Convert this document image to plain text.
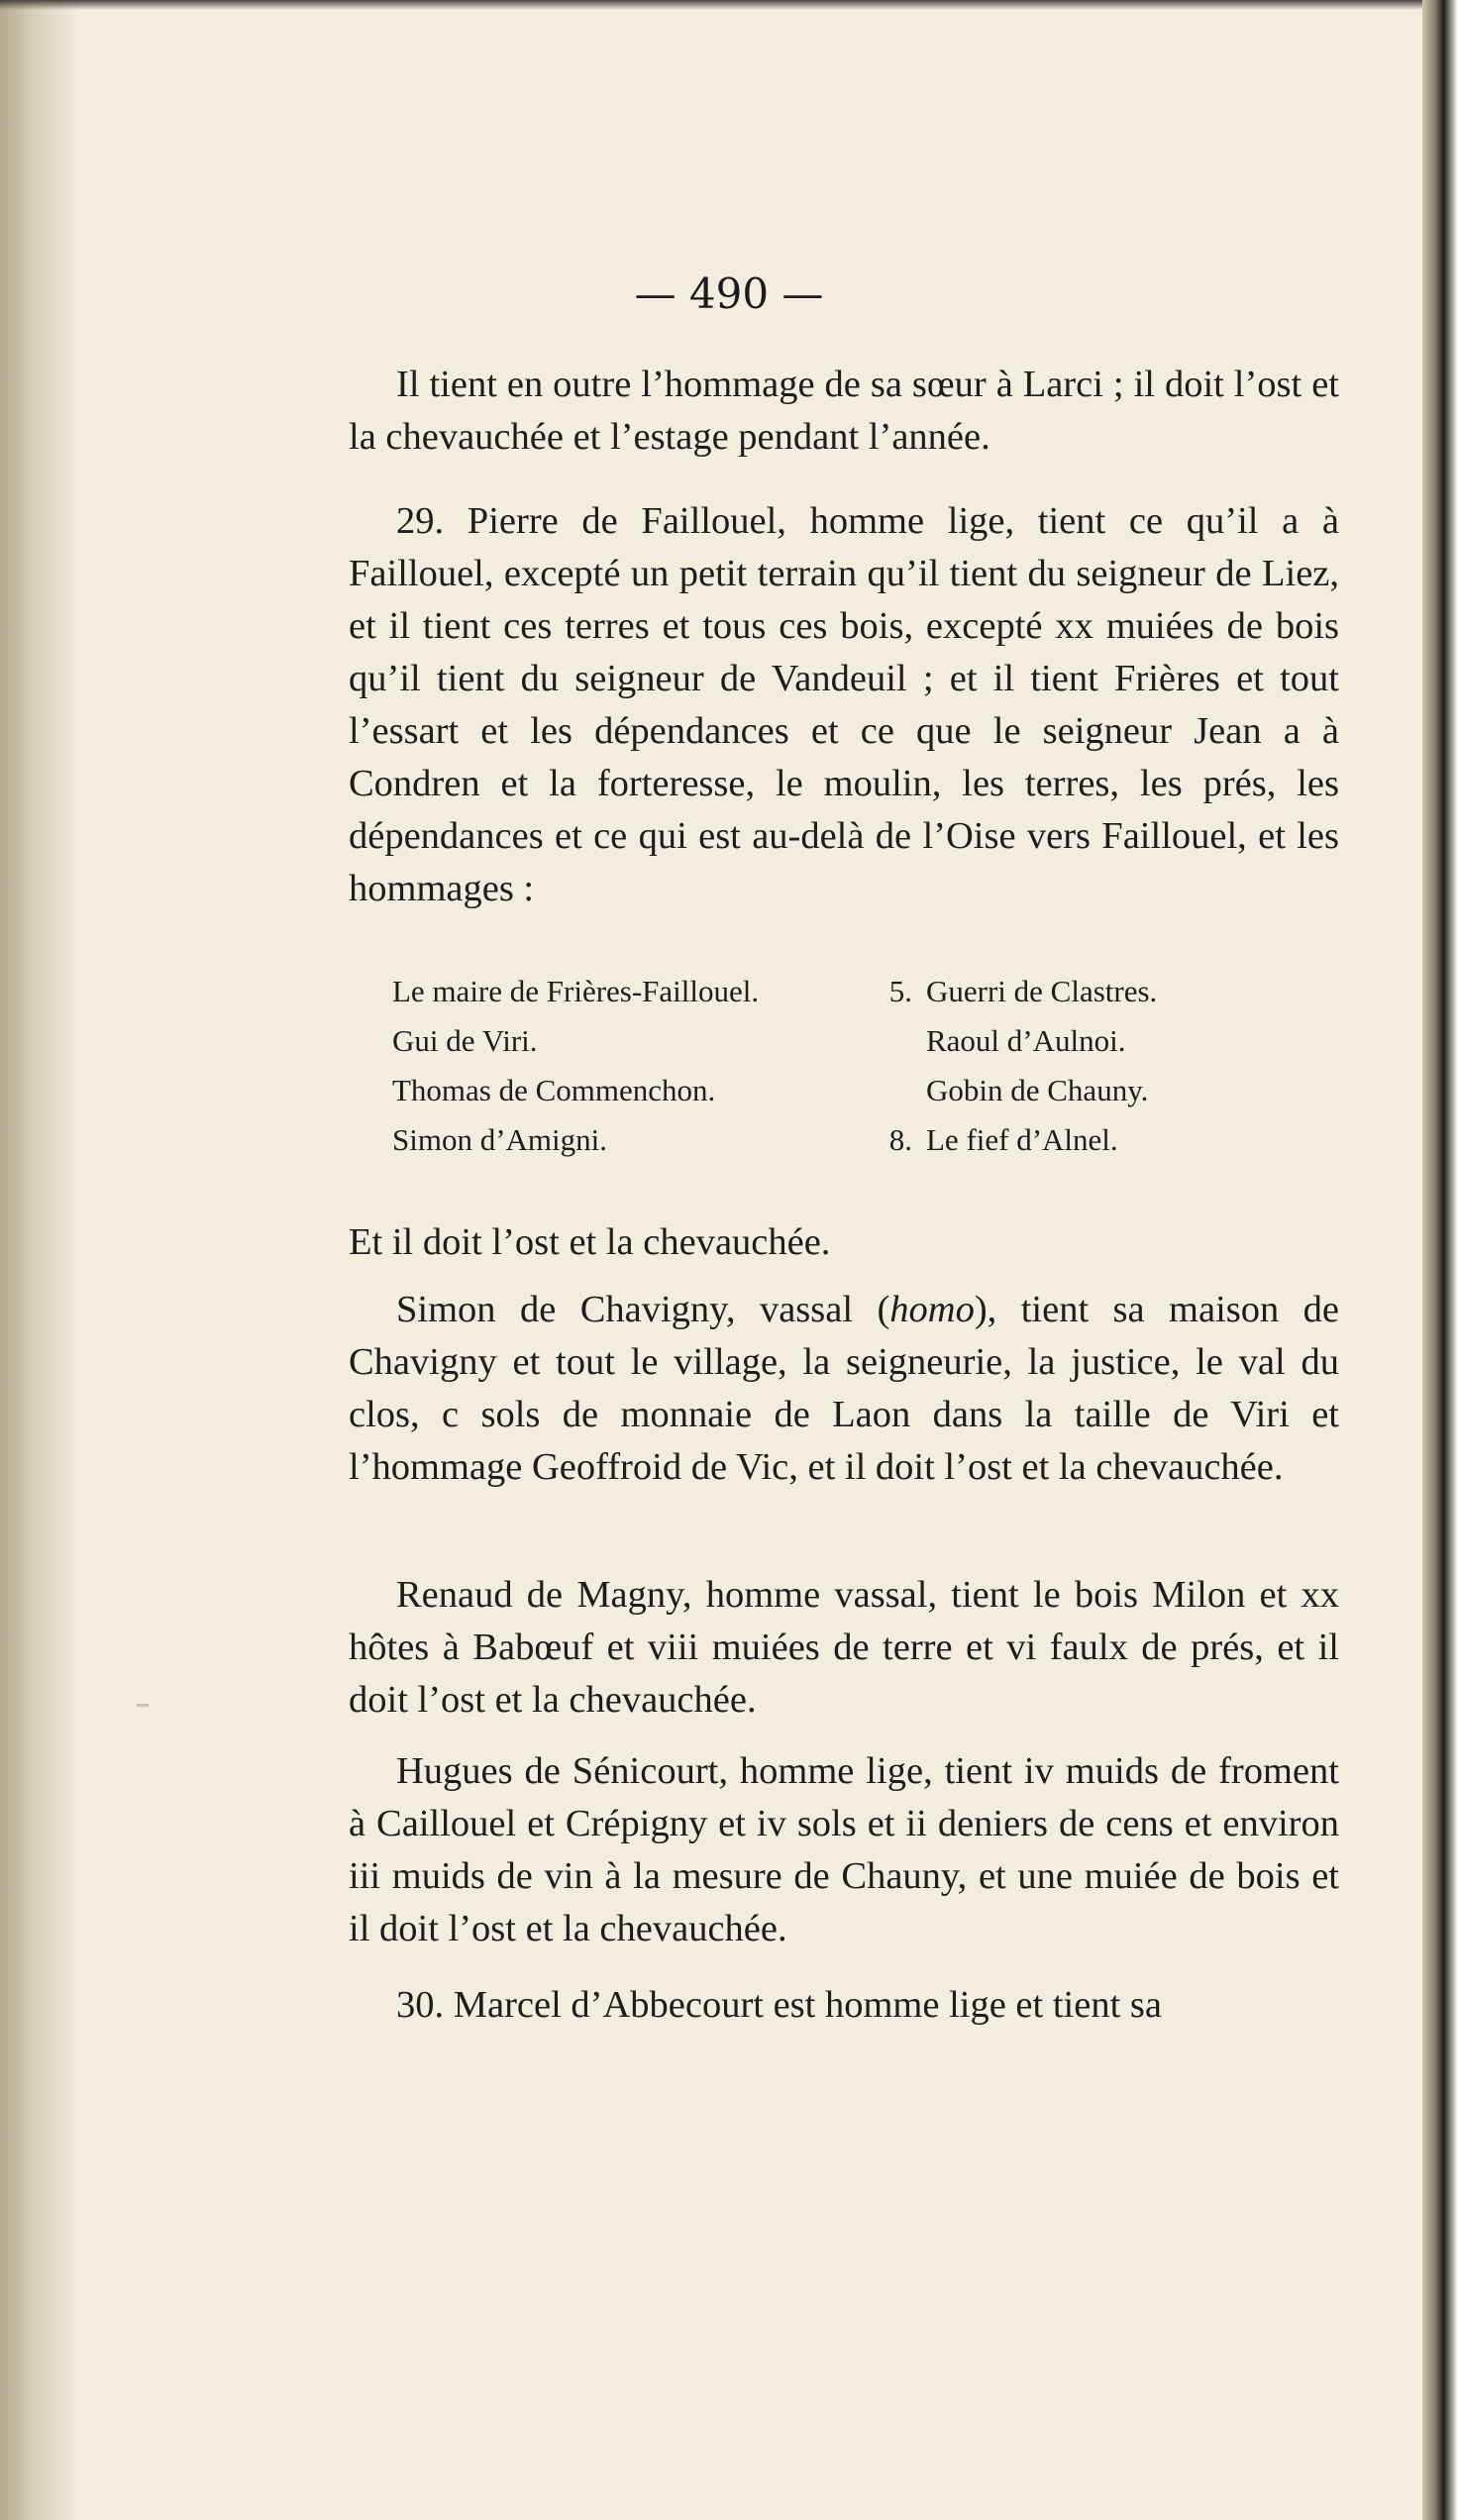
— 490 —

Il tient en outre l’hommage de sa sœur à Larci ; il doit l’ost et la chevauchée et l’estage pendant l’année.

29. Pierre de Faillouel, homme lige, tient ce qu’il a à Faillouel, excepté un petit terrain qu’il tient du seigneur de Liez, et il tient ces terres et tous ces bois, excepté xx muiées de bois qu’il tient du seigneur de Vandeuil ; et il tient Frières et tout l’essart et les dépendances et ce que le seigneur Jean a à Condren et la forteresse, le moulin, les terres, les prés, les dépendances et ce qui est au-delà de l’Oise vers Faillouel, et les hommages :

Le maire de Frières-Faillouel.	5. Guerri de Clastres.
Gui de Viri.	Raoul d’Aulnoi.
Thomas de Commenchon.	Gobin de Chauny.
Simon d’Amigni.	8. Le fief d’Alnel.

Et il doit l’ost et la chevauchée.

Simon de Chavigny, vassal (homo), tient sa maison de Chavigny et tout le village, la seigneurie, la justice, le val du clos, c sols de monnaie de Laon dans la taille de Viri et l’hommage Geoffroid de Vic, et il doit l’ost et la chevauchée.

Renaud de Magny, homme vassal, tient le bois Milon et xx hôtes à Babœuf et viii muiées de terre et vi faulx de prés, et il doit l’ost et la chevauchée.

Hugues de Sénicourt, homme lige, tient iv muids de froment à Caillouel et Crépigny et iv sols et ii deniers de cens et environ iii muids de vin à la mesure de Chauny, et une muiée de bois et il doit l’ost et la chevauchée.

30. Marcel d’Abbecourt est homme lige et tient sa
